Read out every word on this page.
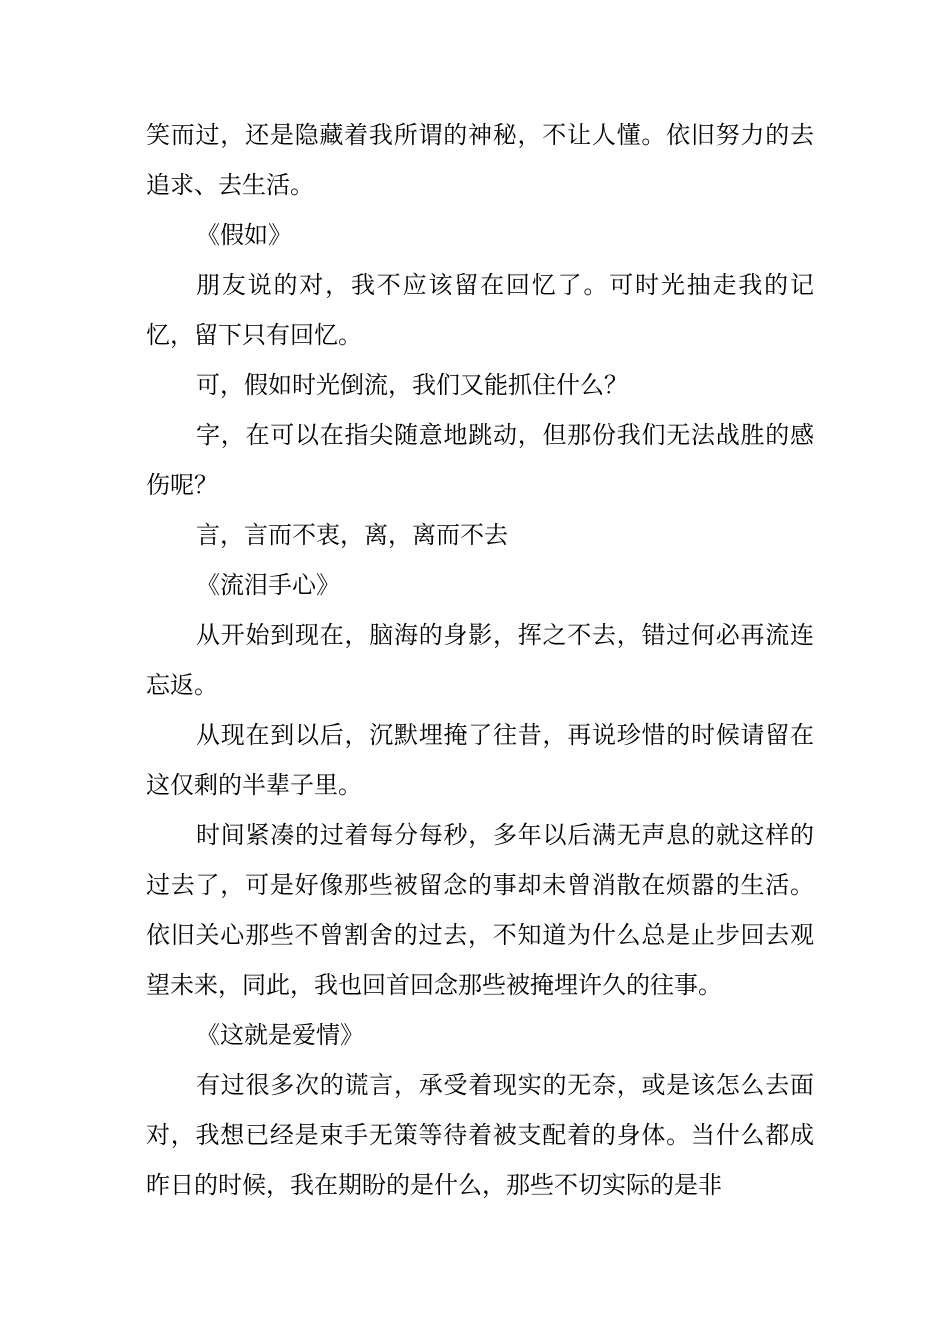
笑而过，还是隐藏着我所谓的神秘，不让人懂。依旧努力的去追求、去生活。

《假如》

朋友说的对，我不应该留在回忆了。可时光抽走我的记忆，留下只有回忆。

可，假如时光倒流，我们又能抓住什么？

字，在可以在指尖随意地跳动，但那份我们无法战胜的感伤呢？

言，言而不衷，离，离而不去

《流泪手心》

从开始到现在，脑海的身影，挥之不去，错过何必再流连忘返。

从现在到以后，沉默埋掩了往昔，再说珍惜的时候请留在这仅剩的半辈子里。

时间紧凑的过着每分每秒，多年以后满无声息的就这样的过去了，可是好像那些被留念的事却未曾消散在烦嚣的生活。依旧关心那些不曾割舍的过去，不知道为什么总是止步回去观望未来，同此，我也回首回念那些被掩埋许久的往事。

《这就是爱情》

有过很多次的谎言，承受着现实的无奈，或是该怎么去面对，我想已经是束手无策等待着被支配着的身体。当什么都成昨日的时候，我在期盼的是什么，那些不切实际的是非
